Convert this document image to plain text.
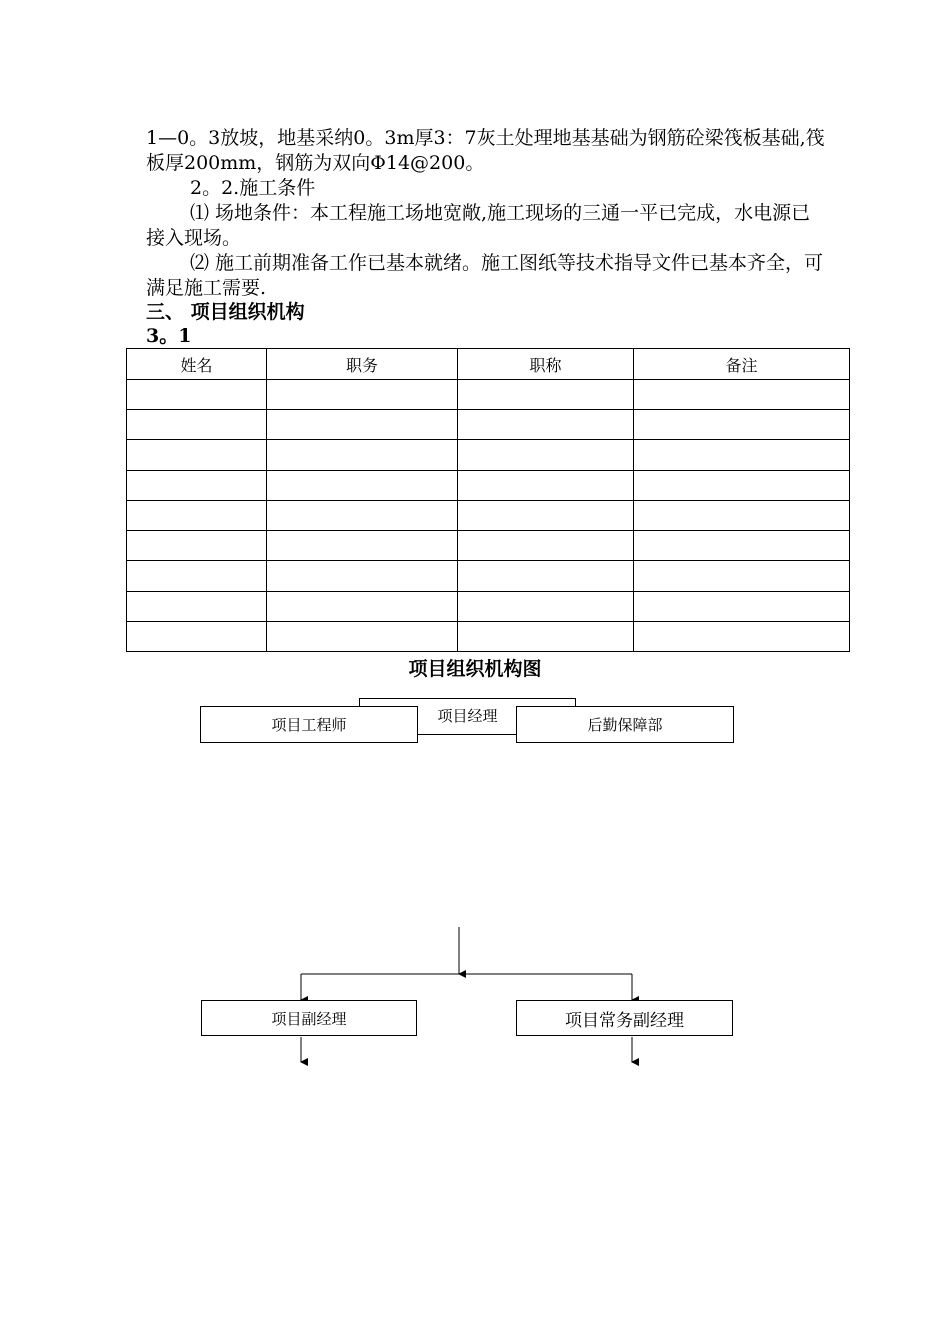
1—0。3放坡，地基采纳0。3m厚3：7灰土处理地基基础为钢筋砼梁筏板基础,筏板厚200mm，钢筋为双向Φ14@200。

2。2.施工条件

⑴ 场地条件：本工程施工场地宽敞,施工现场的三通一平已完成，水电源已接入现场。

⑵ 施工前期准备工作已基本就绪。施工图纸等技术指导文件已基本齐全，可满足施工需要.

三、 项目组织机构
3。1
姓名	职务	职称	备注

项目组织机构图
项目经理
项目工程师	后勤保障部
项目副经理	项目常务副经理
